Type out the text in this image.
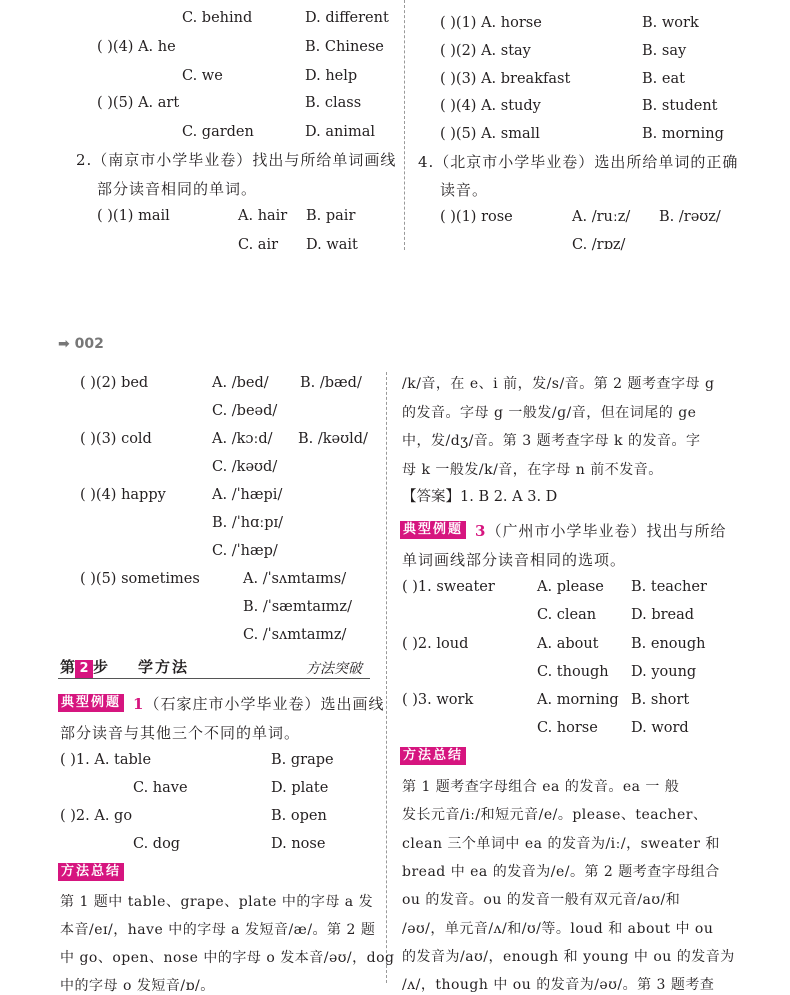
➡ 002
C. behind	D. different
( )(4) A. he	B. Chinese
C. we	D. help
( )(5) A. art	B. class
C. garden	D. animal
( )(1) mail	A. hair B. pair
C. air D. wait
( )(1) A. horse	B. work
( )(2) A. stay	B. say
( )(3) A. breakfast	B. eat
( )(4) A. study	B. student
( )(5) A. small	B. morning
( )(1) rose	A. /ruːz/ B. /rəʊz/
C. /rɒz/
( )(2) bed	A. /bed/ B. /bæd/
C. /beəd/
( )(3) cold	A. /kɔːd/ B. /kəʊld/
C. /kəʊd/
( )(4) happy	A. /ˈhæpi/
B. /ˈhɑːpɪ/
C. /ˈhæp/
( )(5) sometimes	A. /ˈsʌmtaɪms/
B. /ˈsæmtaɪmz/
C. /ˈsʌmtaɪmz/
( )1. A. table	B. grape
C. have	D. plate
( )2. A. go	B. open
C. dog	D. nose
( )1. sweater	A. please B. teacher
C. clean D. bread
( )2. loud	A. about B. enough
C. though D. young
( )3. work	A. morning B. short
C. horse D. word
第 1 题中 table、grape、plate 中的字母 a 发
本音/eɪ/，have 中的字母 a 发短音/æ/。第 2 题
中 go、open、nose 中的字母 o 发本音/əʊ/，dog
中的字母 o 发短音/ɒ/。
/k/音，在 e、i 前，发/s/音。第 2 题考查字母 g
的发音。字母 g 一般发/ɡ/音，但在词尾的 ge
中，发/dʒ/音。第 3 题考查字母 k 的发音。字
母 k 一般发/k/音，在字母 n 前不发音。
第 1 题考查字母组合 ea 的发音。ea 一 般
发长元音/iː/和短元音/e/。please、teacher、
clean 三个单词中 ea 的发音为/iː/，sweater 和
bread 中 ea 的发音为/e/。第 2 题考查字母组合
ou 的发音。ou 的发音一般有双元音/aʊ/和
/əʊ/，单元音/ʌ/和/ʊ/等。loud 和 about 中 ou
的发音为/aʊ/，enough 和 young 中 ou 的发音为
/ʌ/，though 中 ou 的发音为/əʊ/。第 3 题考查
2.（南京市小学毕业卷）找出与所给单词画线
部分读音相同的单词。
4.（北京市小学毕业卷）选出所给单词的正确
读音。
第 2 步 学方法	方法突破
典型例题 1（石家庄市小学毕业卷）选出画线
部分读音与其他三个不同的单词。
方法总结
【答案】1. B 2. A 3. D
典型例题 3（广州市小学毕业卷）找出与所给
单词画线部分读音相同的选项。
方法总结
